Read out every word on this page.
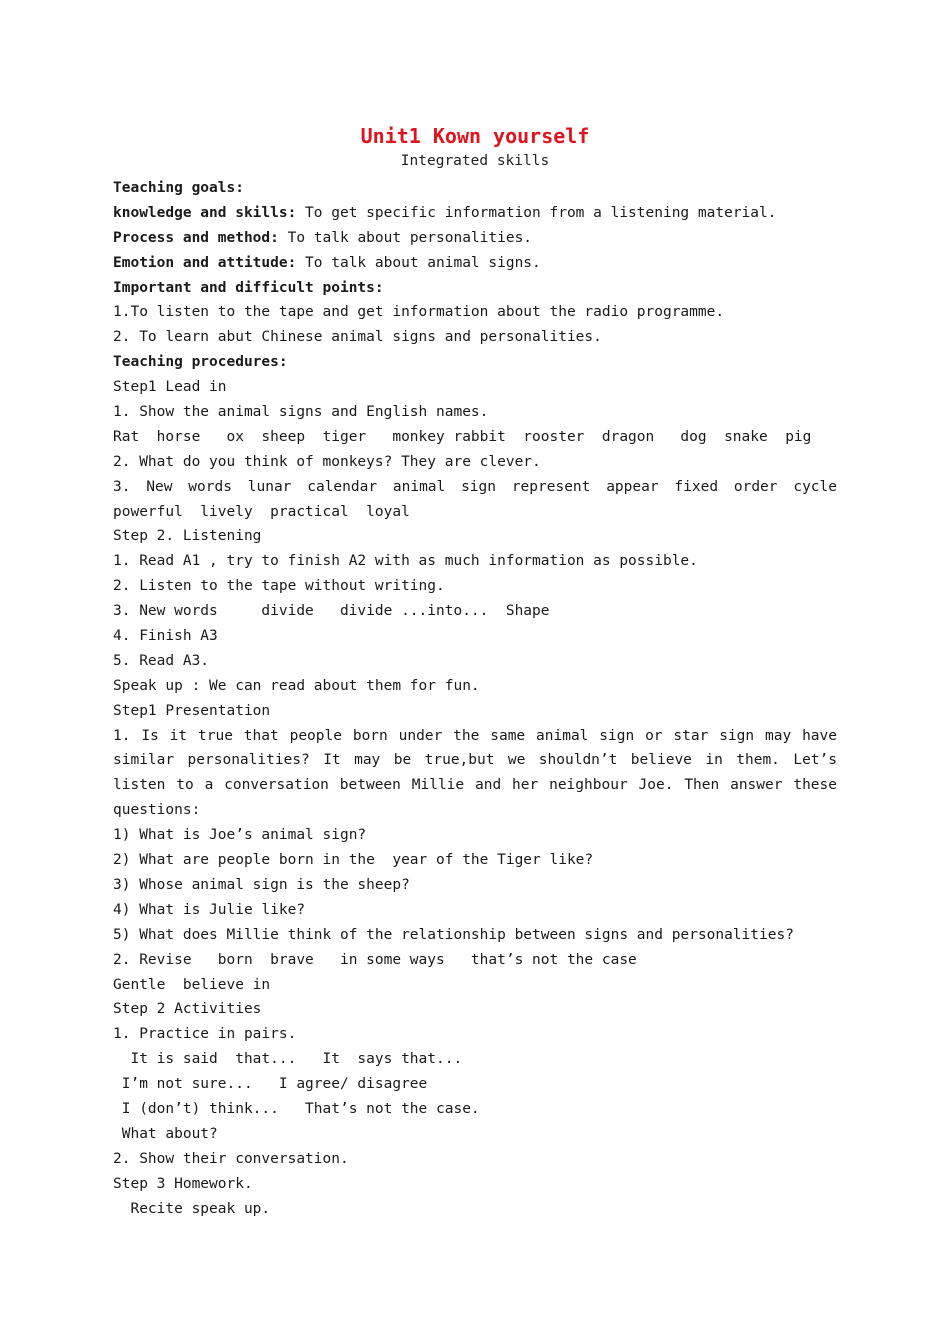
Unit1 Kown yourself
Integrated skills
Teaching goals:
knowledge and skills: To get specific information from a listening material.
Process and method: To talk about personalities.
Emotion and attitude: To talk about animal signs.
Important and difficult points:
1.To listen to the tape and get information about the radio programme.
2. To learn abut Chinese animal signs and personalities.
Teaching procedures:
Step1 Lead in
1. Show the animal signs and English names.
Rat  horse   ox  sheep  tiger   monkey rabbit  rooster  dragon   dog  snake  pig
2. What do you think of monkeys? They are clever.
3. New words lunar calendar animal sign represent appear fixed order cycle
powerful  lively  practical  loyal
Step 2. Listening
1. Read A1 , try to finish A2 with as much information as possible.
2. Listen to the tape without writing.
3. New words     divide   divide ...into...  Shape
4. Finish A3
5. Read A3.
Speak up : We can read about them for fun.
Step1 Presentation
1. Is it true that people born under the same animal sign or star sign may have
similar personalities? It may be true,but we shouldn’t believe in them. Let’s
listen to a conversation between Millie and her neighbour Joe. Then answer these
questions:
1) What is Joe’s animal sign?
2) What are people born in the  year of the Tiger like?
3) Whose animal sign is the sheep?
4) What is Julie like?
5) What does Millie think of the relationship between signs and personalities?
2. Revise   born  brave   in some ways   that’s not the case
Gentle  believe in
Step 2 Activities
1. Practice in pairs.
It is said  that...   It  says that...
I’m not sure...   I agree/ disagree
I (don’t) think...   That’s not the case.
What about?
2. Show their conversation.
Step 3 Homework.
Recite speak up.
